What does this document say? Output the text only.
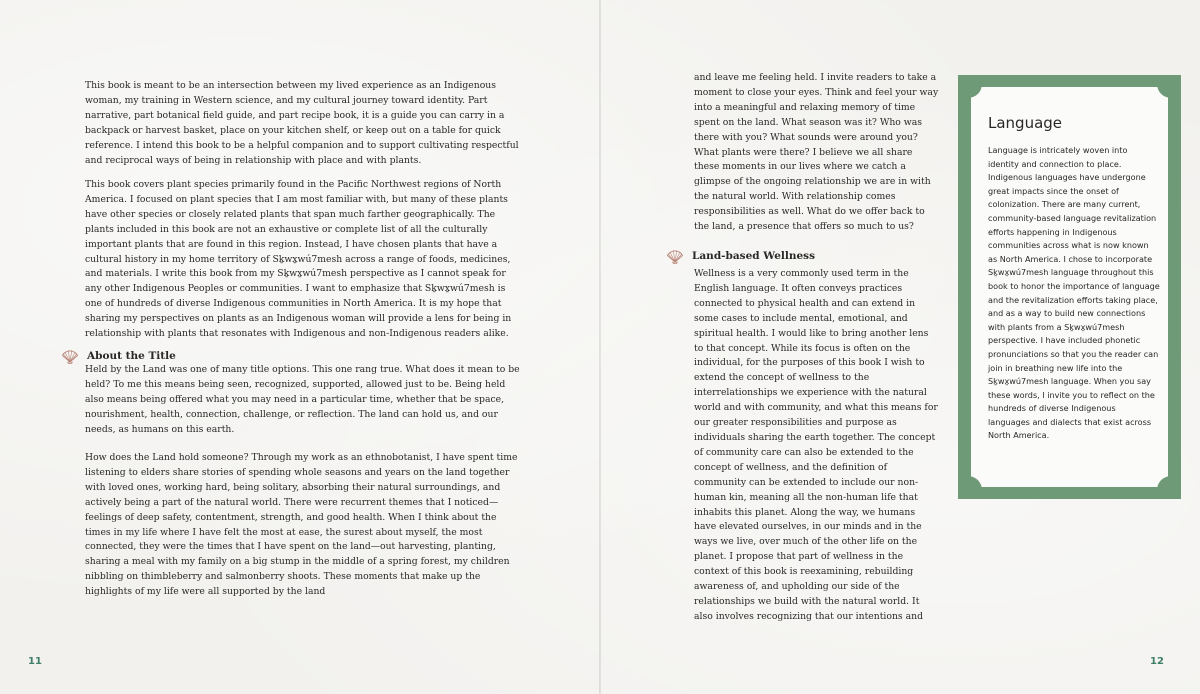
This book is meant to be an intersection between my lived experience as an Indigenous woman, my training in Western science, and my cultural journey toward identity. Part narrative, part botanical field guide, and part recipe book, it is a guide you can carry in a backpack or harvest basket, place on your kitchen shelf, or keep out on a table for quick reference. I intend this book to be a helpful companion and to support cultivating respectful and reciprocal ways of being in relationship with place and with plants.

This book covers plant species primarily found in the Pacific Northwest regions of North America. I focused on plant species that I am most familiar with, but many of these plants have other species or closely related plants that span much farther geographically. The plants included in this book are not an exhaustive or complete list of all the culturally important plants that are found in this region. Instead, I have chosen plants that have a cultural history in my home territory of Sḵwx̱wú7mesh across a range of foods, medicines, and materials. I write this book from my Sḵwx̱wú7mesh perspective as I cannot speak for any other Indigenous Peoples or communities. I want to emphasize that Sḵwx̱wú7mesh is one of hundreds of diverse Indigenous communities in North America. It is my hope that sharing my perspectives on plants as an Indigenous woman will provide a lens for being in relationship with plants that resonates with Indigenous and non-Indigenous readers alike.

About the Title

Held by the Land was one of many title options. This one rang true. What does it mean to be held? To me this means being seen, recognized, supported, allowed just to be. Being held also means being offered what you may need in a particular time, whether that be space, nourishment, health, connection, challenge, or reflection. The land can hold us, and our needs, as humans on this earth.

How does the Land hold someone? Through my work as an ethnobotanist, I have spent time listening to elders share stories of spending whole seasons and years on the land together with loved ones, working hard, being solitary, absorbing their natural surroundings, and actively being a part of the natural world. There were recurrent themes that I noticed—feelings of deep safety, contentment, strength, and good health. When I think about the times in my life where I have felt the most at ease, the surest about myself, the most connected, they were the times that I have spent on the land—out harvesting, planting, sharing a meal with my family on a big stump in the middle of a spring forest, my children nibbling on thimbleberry and salmonberry shoots. These moments that make up the highlights of my life were all supported by the land

11

and leave me feeling held. I invite readers to take a moment to close your eyes. Think and feel your way into a meaningful and relaxing memory of time spent on the land. What season was it? Who was there with you? What sounds were around you? What plants were there? I believe we all share these moments in our lives where we catch a glimpse of the ongoing relationship we are in with the natural world. With relationship comes responsibilities as well. What do we offer back to the land, a presence that offers so much to us?

Land-based Wellness

Wellness is a very commonly used term in the English language. It often conveys practices connected to physical health and can extend in some cases to include mental, emotional, and spiritual health. I would like to bring another lens to that concept. While its focus is often on the individual, for the purposes of this book I wish to extend the concept of wellness to the interrelationships we experience with the natural world and with community, and what this means for our greater responsibilities and purpose as individuals sharing the earth together. The concept of community care can also be extended to the concept of wellness, and the definition of community can be extended to include our non-human kin, meaning all the non-human life that inhabits this planet. Along the way, we humans have elevated ourselves, in our minds and in the ways we live, over much of the other life on the planet. I propose that part of wellness in the context of this book is reexamining, rebuilding awareness of, and upholding our side of the relationships we build with the natural world. It also involves recognizing that our intentions and

Language

Language is intricately woven into identity and connection to place. Indigenous languages have undergone great impacts since the onset of colonization. There are many current, community-based language revitalization efforts happening in Indigenous communities across what is now known as North America. I chose to incorporate Sḵwx̱wú7mesh language throughout this book to honor the importance of language and the revitalization efforts taking place, and as a way to build new connections with plants from a Sḵwx̱wú7mesh perspective. I have included phonetic pronunciations so that you the reader can join in breathing new life into the Sḵwx̱wú7mesh language. When you say these words, I invite you to reflect on the hundreds of diverse Indigenous languages and dialects that exist across North America.

12
